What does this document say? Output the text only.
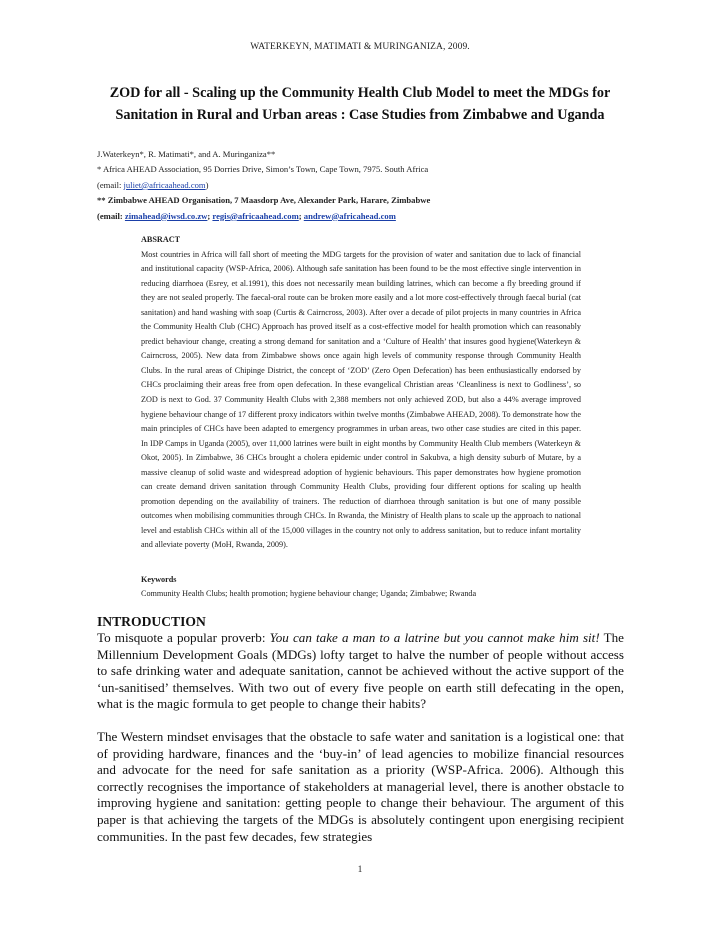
WATERKEYN, MATIMATI & MURINGANIZA, 2009.
ZOD for all - Scaling up the Community Health Club Model to meet the MDGs for
Sanitation in Rural and Urban areas : Case Studies from Zimbabwe and Uganda
J.Waterkeyn*, R. Matimati*, and A. Muringaniza**
* Africa AHEAD Association, 95 Dorries Drive, Simon’s Town, Cape Town, 7975. South Africa
(email: juliet@africaahead.com)
** Zimbabwe AHEAD Organisation, 7 Maasdorp Ave, Alexander Park, Harare, Zimbabwe
(email: zimahead@iwsd.co.zw; regis@africaahead.com; andrew@africahead.com
ABSRACT
Most countries in Africa will fall short of meeting the MDG targets for the provision of water and sanitation due to lack of financial and institutional capacity (WSP-Africa, 2006). Although safe sanitation has been found to be the most effective single intervention in reducing diarrhoea (Esrey, et al.1991), this does not necessarily mean building latrines, which can become a fly breeding ground if they are not sealed properly. The faecal-oral route can be broken more easily and a lot more cost-effectively through faecal burial (cat sanitation) and hand washing with soap (Curtis & Cairncross, 2003). After over a decade of pilot projects in many countries in Africa the Community Health Club (CHC) Approach has proved itself as a cost-effective model for health promotion which can reasonably predict behaviour change, creating a strong demand for sanitation and a ‘Culture of Health’ that insures good hygiene(Waterkeyn & Cairncross, 2005). New data from Zimbabwe shows once again high levels of community response through Community Health Clubs. In the rural areas of Chipinge District, the concept of ‘ZOD’ (Zero Open Defecation) has been enthusiastically endorsed by CHCs proclaiming their areas free from open defecation. In these evangelical Christian areas ‘Cleanliness is next to Godliness’, so ZOD is next to God. 37 Community Health Clubs with 2,388 members not only achieved ZOD, but also a 44% average improved hygiene behaviour change of 17 different proxy indicators within twelve months (Zimbabwe AHEAD, 2008). To demonstrate how the main principles of CHCs have been adapted to emergency programmes in urban areas, two other case studies are cited in this paper. In IDP Camps in Uganda (2005), over 11,000 latrines were built in eight months by Community Health Club members (Waterkeyn & Okot, 2005). In Zimbabwe, 36 CHCs brought a cholera epidemic under control in Sakubva, a high density suburb of Mutare, by a massive cleanup of solid waste and widespread adoption of hygienic behaviours. This paper demonstrates how hygiene promotion can create demand driven sanitation through Community Health Clubs, providing four different options for scaling up health promotion depending on the availability of trainers. The reduction of diarrhoea through sanitation is but one of many possible outcomes when mobilising communities through CHCs. In Rwanda, the Ministry of Health plans to scale up the approach to national level and establish CHCs within all of the 15,000 villages in the country not only to address sanitation, but to reduce infant mortality and alleviate poverty (MoH, Rwanda, 2009).
Keywords
Community Health Clubs; health promotion; hygiene behaviour change; Uganda; Zimbabwe; Rwanda
INTRODUCTION

To misquote a popular proverb: You can take a man to a latrine but you cannot make him sit! The Millennium Development Goals (MDGs) lofty target to halve the number of people without access to safe drinking water and adequate sanitation, cannot be achieved without the active support of the ‘un-sanitised’ themselves. With two out of every five people on earth still defecating in the open, what is the magic formula to get people to change their habits?

The Western mindset envisages that the obstacle to safe water and sanitation is a logistical one: that of providing hardware, finances and the ‘buy-in’ of lead agencies to mobilize financial resources and advocate for the need for safe sanitation as a priority (WSP-Africa. 2006). Although this correctly recognises the importance of stakeholders at managerial level, there is another obstacle to improving hygiene and sanitation: getting people to change their behaviour. The argument of this paper is that achieving the targets of the MDGs is absolutely contingent upon energising recipient communities. In the past few decades, few strategies

1
